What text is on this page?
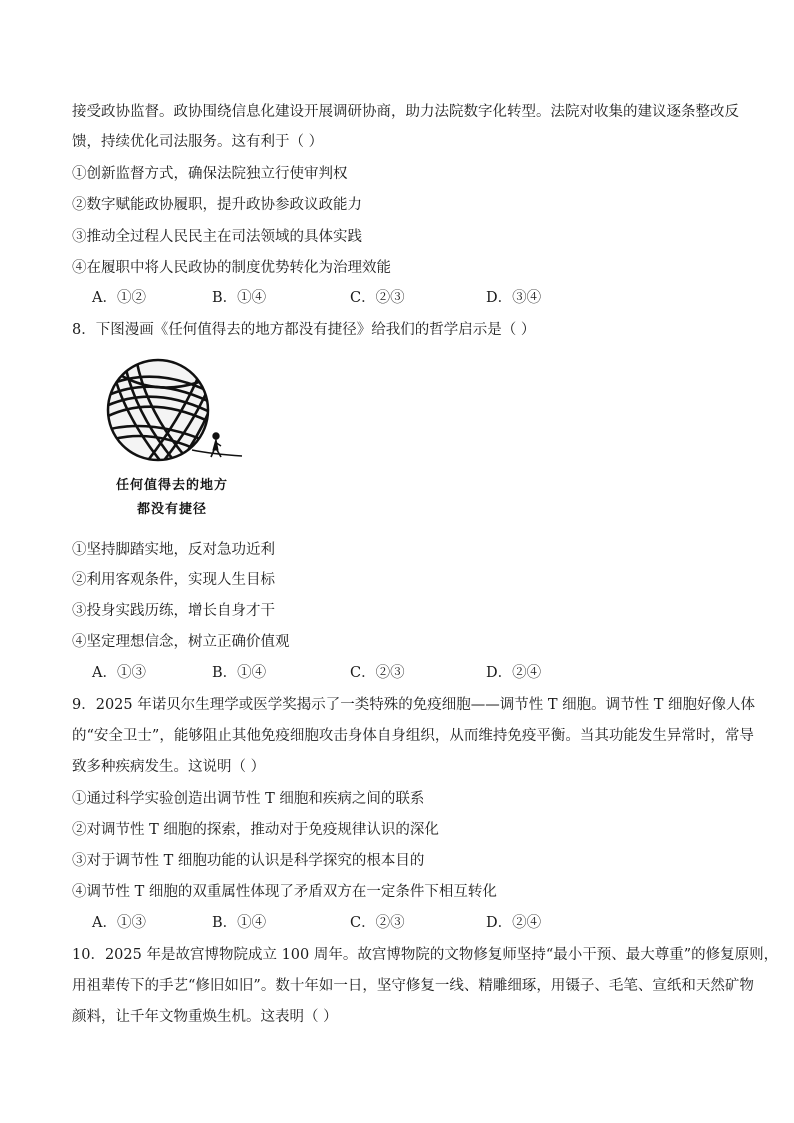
接受政协监督。政协围绕信息化建设开展调研协商，助力法院数字化转型。法院对收集的建议逐条整改反
馈，持续优化司法服务。这有利于（ ）
①创新监督方式，确保法院独立行使审判权
②数字赋能政协履职，提升政协参政议政能力
③推动全过程人民民主在司法领域的具体实践
④在履职中将人民政协的制度优势转化为治理效能
A．①②	B．①④	C．②③	D．③④
8．下图漫画《任何值得去的地方都没有捷径》给我们的哲学启示是（ ）
任何值得去的地方
都没有捷径
①坚持脚踏实地，反对急功近利
②利用客观条件，实现人生目标
③投身实践历练，增长自身才干
④坚定理想信念，树立正确价值观
A．①③	B．①④	C．②③	D．②④
9．2025 年诺贝尔生理学或医学奖揭示了一类特殊的免疫细胞——调节性 T 细胞。调节性 T 细胞好像人体
的“安全卫士”，能够阻止其他免疫细胞攻击身体自身组织，从而维持免疫平衡。当其功能发生异常时，常导
致多种疾病发生。这说明（ ）
①通过科学实验创造出调节性 T 细胞和疾病之间的联系
②对调节性 T 细胞的探索，推动对于免疫规律认识的深化
③对于调节性 T 细胞功能的认识是科学探究的根本目的
④调节性 T 细胞的双重属性体现了矛盾双方在一定条件下相互转化
A．①③	B．①④	C．②③	D．②④
10．2025 年是故宫博物院成立 100 周年。故宫博物院的文物修复师坚持“最小干预、最大尊重”的修复原则，
用祖辈传下的手艺“修旧如旧”。数十年如一日，坚守修复一线、精雕细琢，用镊子、毛笔、宣纸和天然矿物
颜料，让千年文物重焕生机。这表明（ ）
